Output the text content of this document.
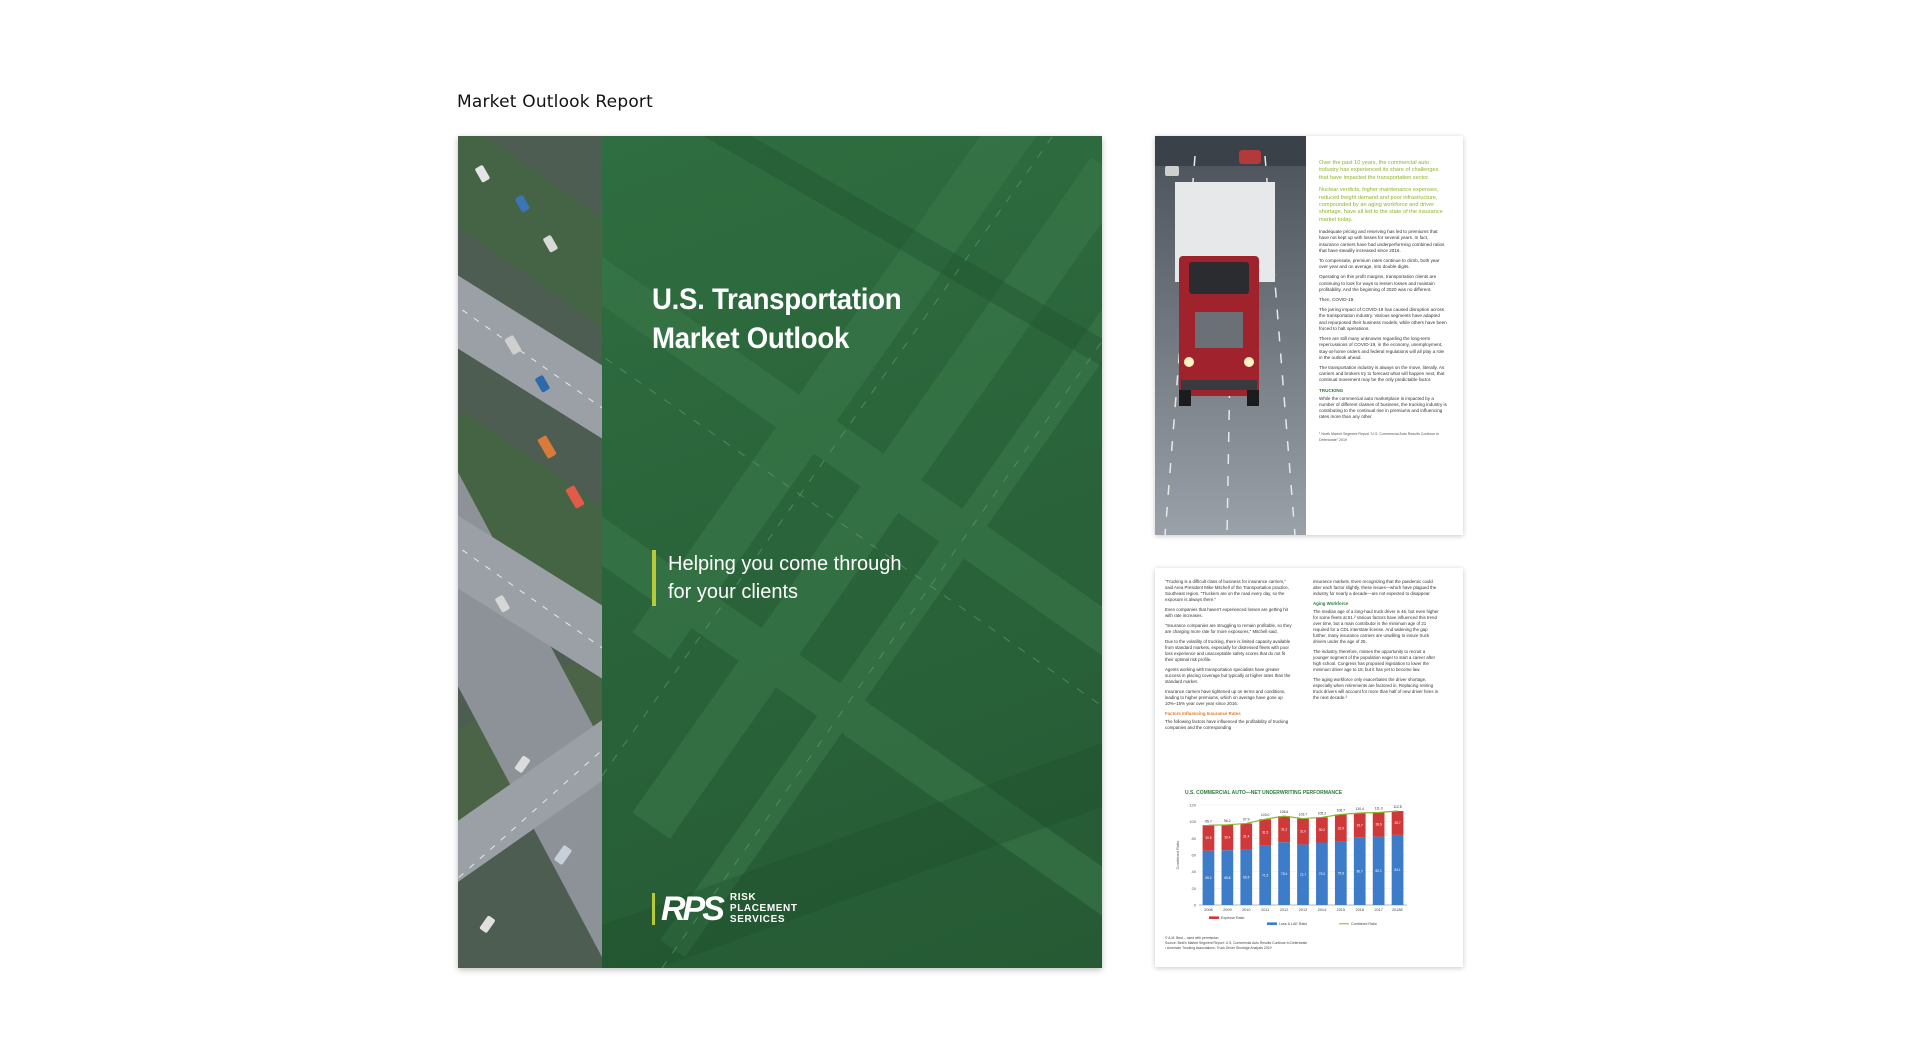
Market Outlook Report
U.S. Transportation
Market Outlook
Helping you come through
for your clients
RPS RISK
PLACEMENT
SERVICES

Over the past 10 years, the commercial auto industry has experienced its share of challenges that have impacted the transportation sector.

Nuclear verdicts, higher maintenance expenses, reduced freight demand and poor infrastructure, compounded by an aging workforce and driver shortage, have all led to the state of the insurance market today.

Inadequate pricing and reserving has led to premiums that have not kept up with losses for several years. In fact, insurance carriers have had underperforming combined ratios that have steadily increased since 2016.

To compensate, premium rates continue to climb, both year over year and on average, into double digits.

Operating on thin profit margins, transportation clients are continuing to look for ways to lessen losses and maintain profitability. And the beginning of 2020 was no different.

Then, COVID-19.

The jarring impact of COVID-19 has caused disruption across the transportation industry. Various segments have adapted and repurposed their business models, while others have been forced to halt operations.

There are still many unknowns regarding the long-term repercussions of COVID-19, in the economy, unemployment, stay-at-home orders and federal regulations will all play a role in the outlook ahead.

The transportation industry is always on the move, literally. As carriers and brokers try to forecast what will happen next, that continual movement may be the only predictable factor.

TRUCKING

While the commercial auto marketplace is impacted by a number of different classes of business, the trucking industry is contributing to the continual rise in premiums and influencing rates more than any other.

¹ North Market Segment Report "U.S. Commercial Auto Results Continue to Deteriorate" 2019

"Trucking is a difficult class of business for insurance carriers," said Area President Mike Mitchell of the Transportation practice, Southeast region. "Truckers are on the road every day, so the exposure is always there."

Even companies that haven't experienced losses are getting hit with rate increases.

"Insurance companies are struggling to remain profitable, so they are charging more rate for more exposures," Mitchell said.

Due to the volatility of trucking, there is limited capacity available from standard markets, especially for distressed fleets with poor loss experience and unacceptable safety scores that do not fit their optimal risk profile.

Agents working with transportation specialists have greater success in placing coverage but typically at higher rates than the standard market.

Insurance carriers have tightened up on terms and conditions, leading to higher premiums, which on average have gone up 10%–15% year over year since 2016.

Factors Influencing Insurance Rates

The following factors have influenced the profitability of trucking companies and the corresponding

insurance markets. Even recognizing that the pandemic could alter each factor slightly, these issues—which have plagued the industry for nearly a decade—are not expected to disappear.

Aging Workforce

The median age of a long-haul truck driver is 46, but even higher for some fleets at 51.² Various factors have influenced this trend over time, but a main contributor is the minimum age of 21 required for a CDL interstate license. And widening the gap further, many insurance carriers are unwilling to insure truck drivers under the age of 25.

The industry, therefore, misses the opportunity to recruit a younger segment of the population eager to start a career after high school. Congress has proposed legislation to lower the minimum driver age to 18, but it has yet to become law.

The aging workforce only exacerbates the driver shortage, especially when retirements are factored in. Replacing retiring truck drivers will account for more than half of new driver hires in the next decade.²

U.S. COMMERCIAL AUTO—NET UNDERWRITING PERFORMANCE
0
20
40
60
80
100
120
Combined Ratio
65.2
30.5
95.7
2008
65.8
30.4
96.2
2009
66.5
31.4
97.9
2010
71.5
31.5
103.0
2011
75.4
31.2
106.6
2012
72.7
31.0
103.7
2013
75.0
30.2
105.2
2014
75.8
32.9
108.7
2015
80.7
29.7
110.4
2016
82.1
28.9
111.0
2017
84.1
28.7
112.8
2018E
Expense Ratio
Loss & LAE Ratio	Combined Ratio
© A.M. Best – used with permission.
Source: Best's Market Segment Report: U.S. Commercial Auto Results Continue to Deteriorate
² American Trucking Associations, Truck Driver Shortage Analysis 2019
